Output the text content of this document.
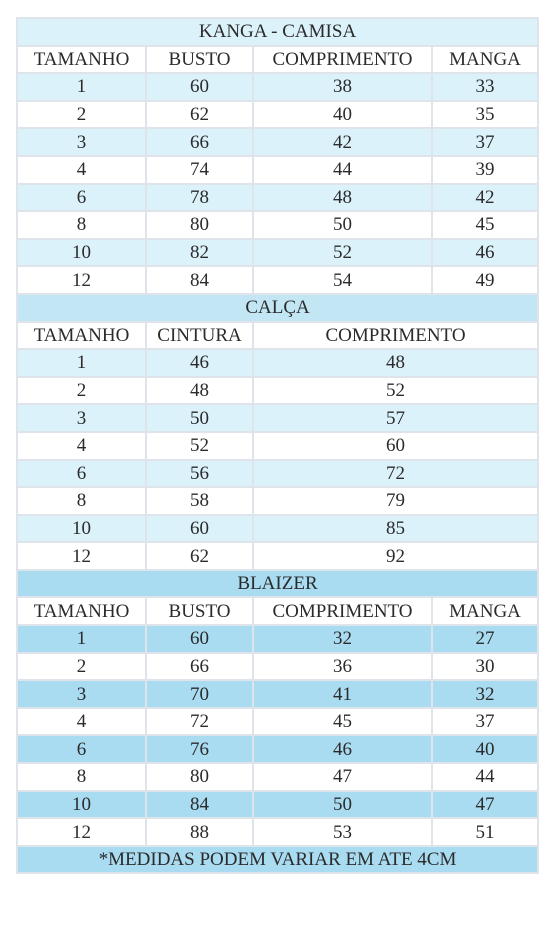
KANGA - CAMISA			
TAMANHO	BUSTO	COMPRIMENTO	MANGA
1	60	38	33
2	62	40	35
3	66	42	37
4	74	44	39
6	78	48	42
8	80	50	45
10	82	52	46
12	84	54	49
CALÇA			
TAMANHO	CINTURA	COMPRIMENTO	
1	46	48	
2	48	52	
3	50	57	
4	52	60	
6	56	72	
8	58	79	
10	60	85	
12	62	92	
BLAIZER			
TAMANHO	BUSTO	COMPRIMENTO	MANGA
1	60	32	27
2	66	36	30
3	70	41	32
4	72	45	37
6	76	46	40
8	80	47	44
10	84	50	47
12	88	53	51
*MEDIDAS PODEM VARIAR EM ATE 4CM			
